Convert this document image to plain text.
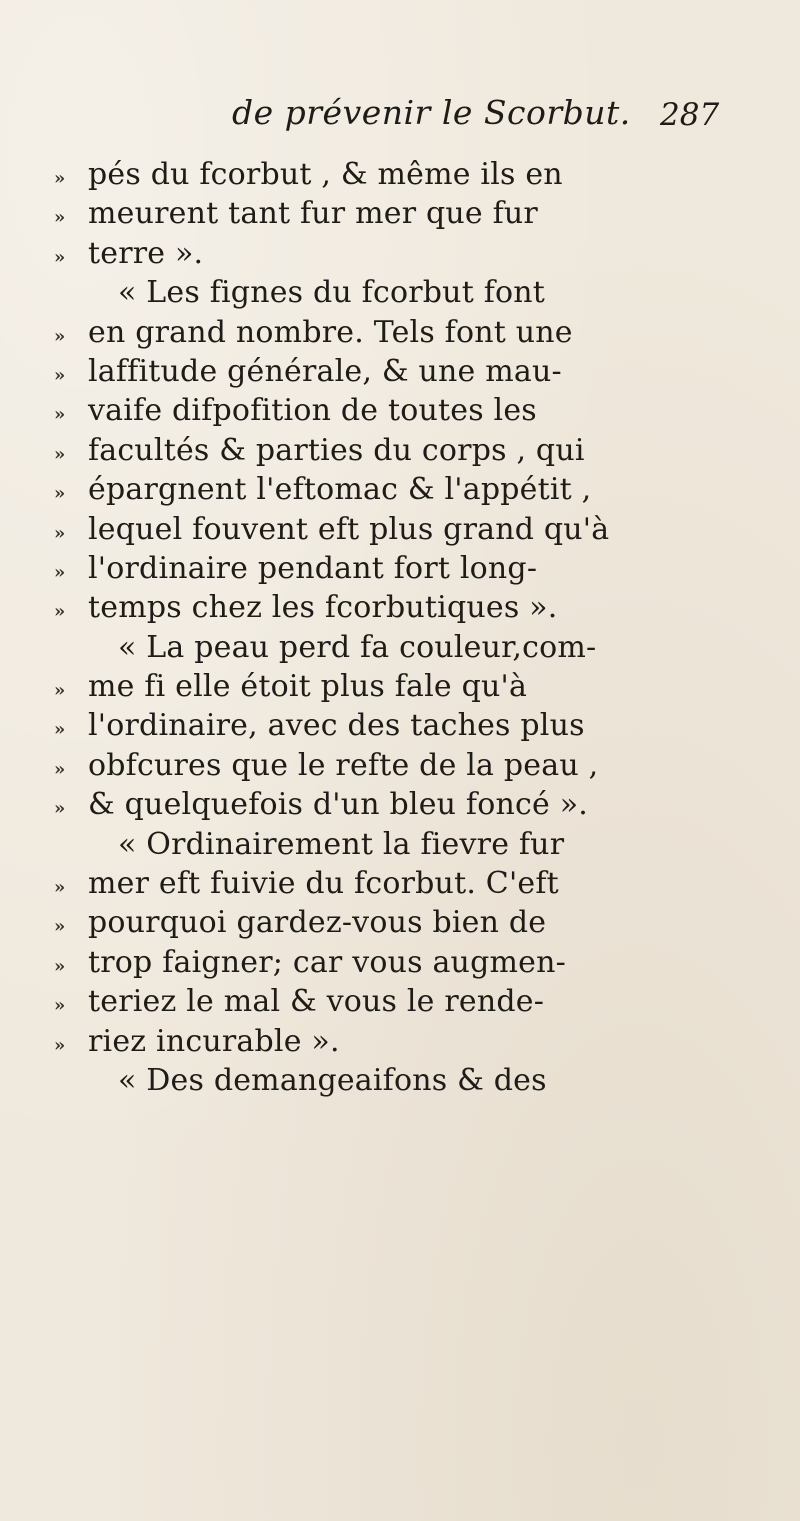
de prévenir le Scorbut. 287
» pés du fcorbut , & même ils en
» meurent tant fur mer que fur
» terre ».
« Les fignes du fcorbut font
» en grand nombre. Tels font une
» laffitude générale, & une mau-
» vaife difpofition de toutes les
» facultés & parties du corps , qui
» épargnent l'eftomac & l'appétit ,
» lequel fouvent eft plus grand qu'à
» l'ordinaire pendant fort long-
» temps chez les fcorbutiques ».
« La peau perd fa couleur,com-
» me fi elle étoit plus fale qu'à
» l'ordinaire, avec des taches plus
» obfcures que le refte de la peau ,
» & quelquefois d'un bleu foncé ».
« Ordinairement la fievre fur
» mer eft fuivie du fcorbut. C'eft
» pourquoi gardez-vous bien de
» trop faigner; car vous augmen-
» teriez le mal & vous le rende-
» riez incurable ».
« Des demangeaifons & des
